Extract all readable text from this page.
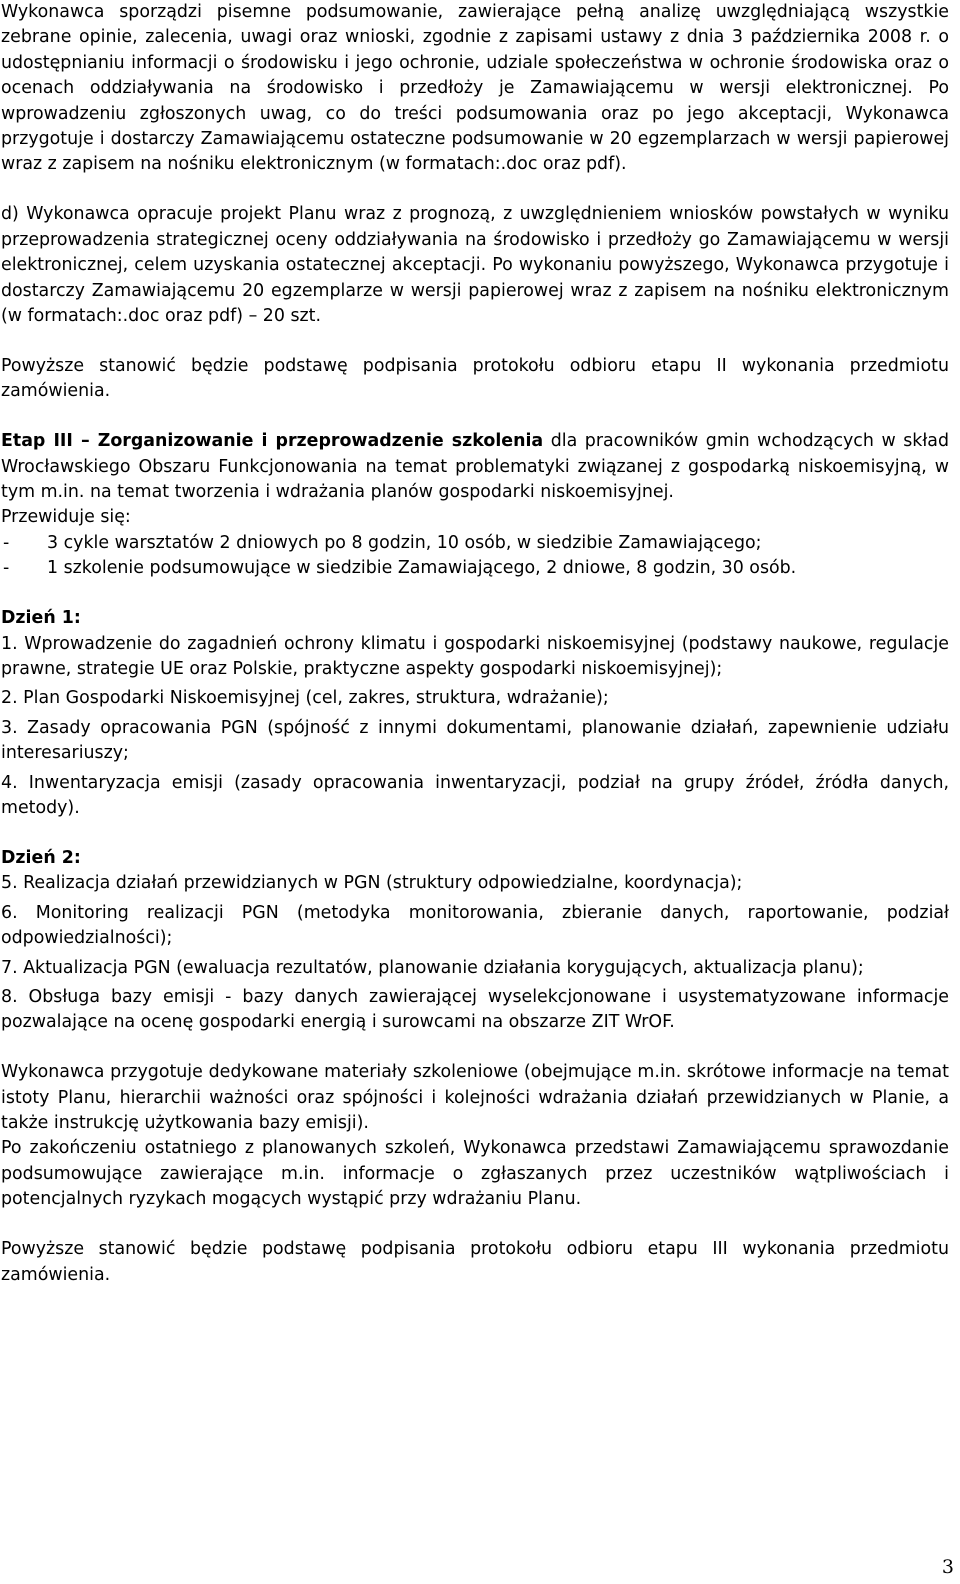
Wykonawca sporządzi pisemne podsumowanie, zawierające pełną analizę uwzględniającą wszystkie zebrane opinie, zalecenia, uwagi oraz wnioski, zgodnie z zapisami ustawy z dnia 3 października 2008 r. o udostępnianiu informacji o środowisku i jego ochronie, udziale społeczeństwa w ochronie środowiska oraz o ocenach oddziaływania na środowisko i przedłoży je Zamawiającemu w wersji elektronicznej. Po wprowadzeniu zgłoszonych uwag, co do treści podsumowania oraz po jego akceptacji, Wykonawca przygotuje i dostarczy Zamawiającemu ostateczne podsumowanie w 20 egzemplarzach w wersji papierowej wraz z zapisem na nośniku elektronicznym (w formatach:.doc oraz pdf).

d) Wykonawca opracuje projekt Planu wraz z prognozą, z uwzględnieniem wniosków powstałych w wyniku przeprowadzenia strategicznej oceny oddziaływania na środowisko i przedłoży go Zamawiającemu w wersji elektronicznej, celem uzyskania ostatecznej akceptacji. Po wykonaniu powyższego, Wykonawca przygotuje i dostarczy Zamawiającemu 20 egzemplarze w wersji papierowej wraz z zapisem na nośniku elektronicznym (w formatach:.doc oraz pdf) – 20 szt.

Powyższe stanowić będzie podstawę podpisania protokołu odbioru etapu II wykonania przedmiotu zamówienia.

Etap III – Zorganizowanie i przeprowadzenie szkolenia dla pracowników gmin wchodzących w skład Wrocławskiego Obszaru Funkcjonowania na temat problematyki związanej z gospodarką niskoemisyjną, w tym m.in. na temat tworzenia i wdrażania planów gospodarki niskoemisyjnej.

Przewiduje się:

- 3 cykle warsztatów 2 dniowych po 8 godzin, 10 osób, w siedzibie Zamawiającego;
- 1 szkolenie podsumowujące w siedzibie Zamawiającego, 2 dniowe, 8 godzin, 30 osób.

Dzień 1:

1. Wprowadzenie do zagadnień ochrony klimatu i gospodarki niskoemisyjnej (podstawy naukowe, regulacje prawne, strategie UE oraz Polskie, praktyczne aspekty gospodarki niskoemisyjnej);

2. Plan Gospodarki Niskoemisyjnej (cel, zakres, struktura, wdrażanie);

3. Zasady opracowania PGN (spójność z innymi dokumentami, planowanie działań, zapewnienie udziału interesariuszy;

4. Inwentaryzacja emisji (zasady opracowania inwentaryzacji, podział na grupy źródeł, źródła danych, metody).

Dzień 2:

5. Realizacja działań przewidzianych w PGN (struktury odpowiedzialne, koordynacja);

6. Monitoring realizacji PGN (metodyka monitorowania, zbieranie danych, raportowanie, podział odpowiedzialności);

7. Aktualizacja PGN (ewaluacja rezultatów, planowanie działania korygujących, aktualizacja planu);

8. Obsługa bazy emisji - bazy danych zawierającej wyselekcjonowane i usystematyzowane informacje pozwalające na ocenę gospodarki energią i surowcami na obszarze ZIT WrOF.

Wykonawca przygotuje dedykowane materiały szkoleniowe (obejmujące m.in. skrótowe informacje na temat istoty Planu, hierarchii ważności oraz spójności i kolejności wdrażania działań przewidzianych w Planie, a także instrukcję użytkowania bazy emisji).

Po zakończeniu ostatniego z planowanych szkoleń, Wykonawca przedstawi Zamawiającemu sprawozdanie podsumowujące zawierające m.in. informacje o zgłaszanych przez uczestników wątpliwościach i potencjalnych ryzykach mogących wystąpić przy wdrażaniu Planu.

Powyższe stanowić będzie podstawę podpisania protokołu odbioru etapu III wykonania przedmiotu zamówienia.

3
